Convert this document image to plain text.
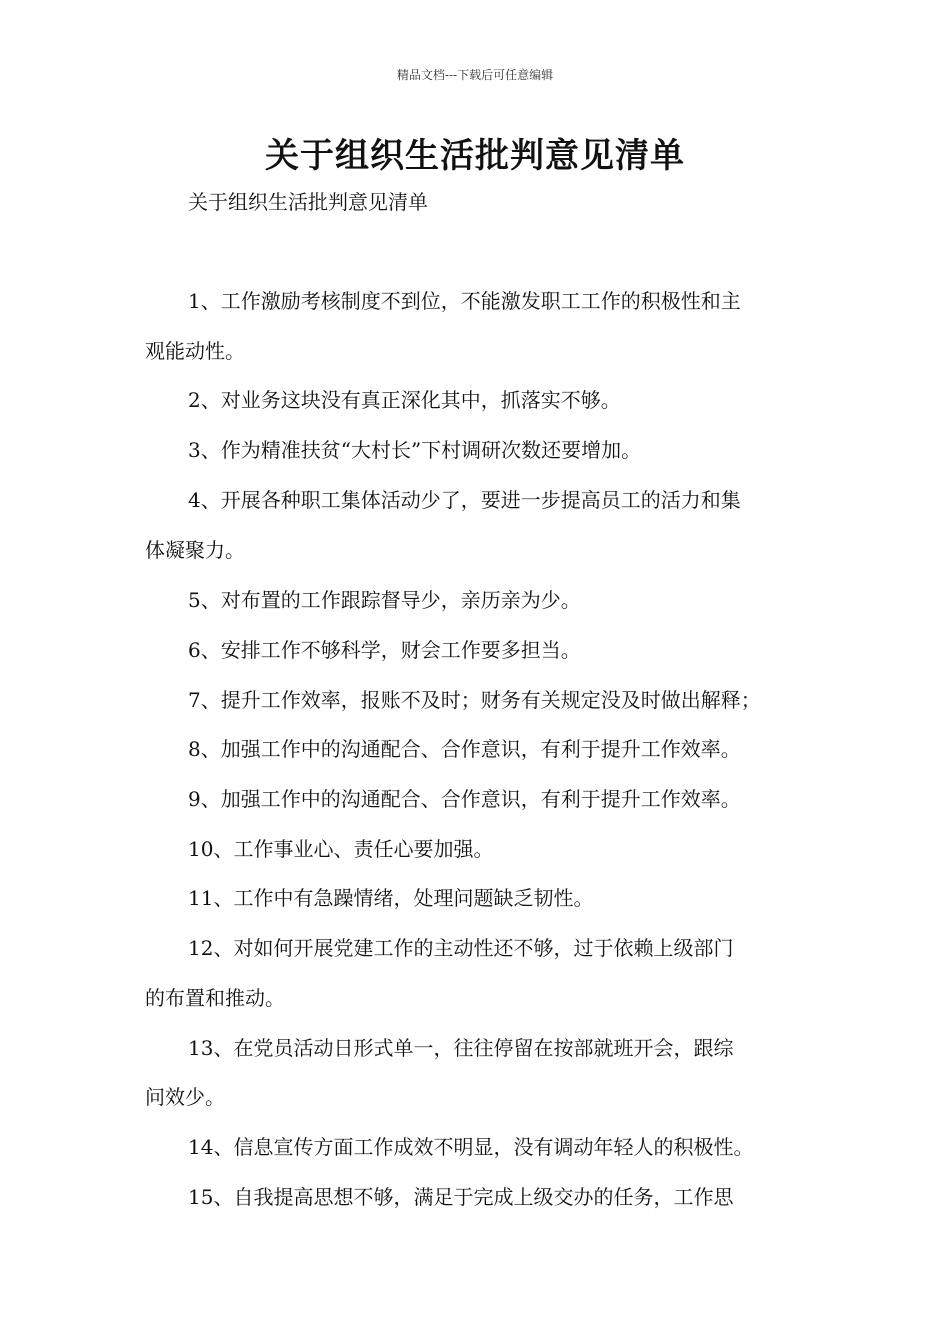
精品文档---下载后可任意编辑
关于组织生活批判意见清单

关于组织生活批判意见清单

1、工作激励考核制度不到位，不能激发职工工作的积极性和主

观能动性。

2、对业务这块没有真正深化其中，抓落实不够。

3、作为精准扶贫“大村长”下村调研次数还要增加。

4、开展各种职工集体活动少了，要进一步提高员工的活力和集

体凝聚力。

5、对布置的工作跟踪督导少，亲历亲为少。

6、安排工作不够科学，财会工作要多担当。

7、提升工作效率，报账不及时；财务有关规定没及时做出解释；

8、加强工作中的沟通配合、合作意识，有利于提升工作效率。

9、加强工作中的沟通配合、合作意识，有利于提升工作效率。

10、工作事业心、责任心要加强。

11、工作中有急躁情绪，处理问题缺乏韧性。

12、对如何开展党建工作的主动性还不够，过于依赖上级部门

的布置和推动。

13、在党员活动日形式单一，往往停留在按部就班开会，跟综

问效少。

14、信息宣传方面工作成效不明显，没有调动年轻人的积极性。

15、自我提高思想不够，满足于完成上级交办的任务，工作思
